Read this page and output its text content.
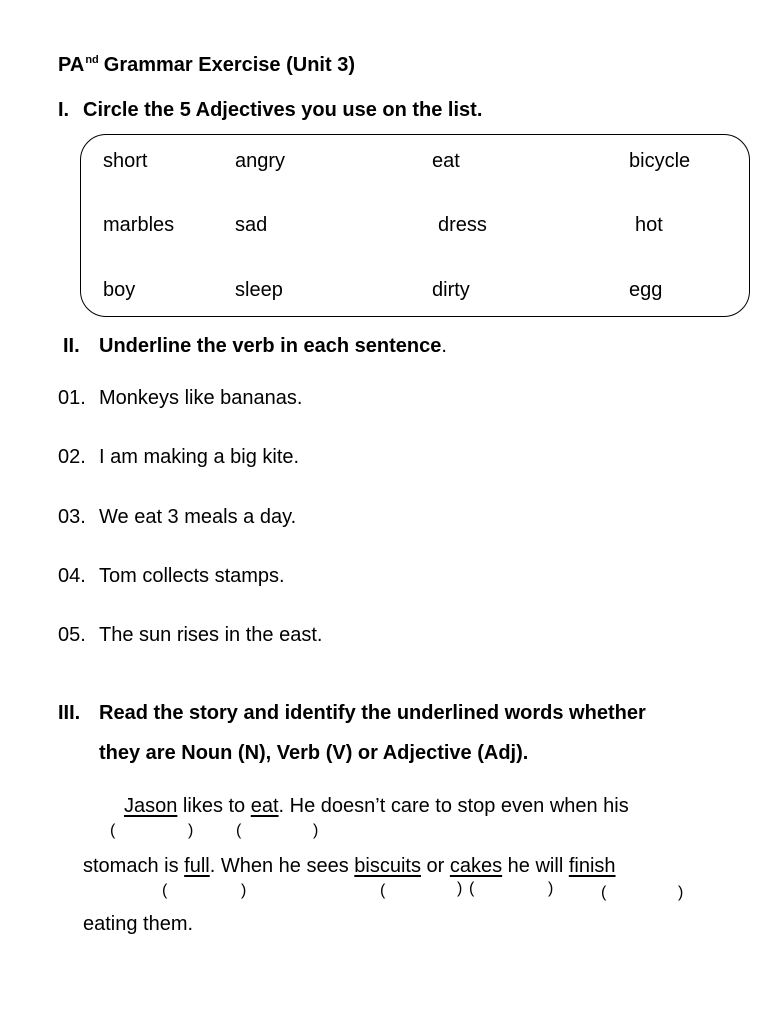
$PA^{nd}$ Grammar Exercise (Unit 3)
I. Circle the 5 Adjectives you use on the list.
short	angry	eat	bicycle
marbles	sad	dress	hot
boy	sleep	dirty	egg
II. Underline the verb in each sentence.
01. Monkeys like bananas.
02. I am making a big kite.
03. We eat 3 meals a day.
04. Tom collects stamps.
05. The sun rises in the east.
III. Read the story and identify the underlined words whether
they are Noun (N), Verb (V) or Adjective (Adj).
Jason likes to eat. He doesn’t care to stop even when his
(	)	(	)
stomach is full. When he sees biscuits or cakes he will finish
(	)	(	) (	)	(	)
eating them.
